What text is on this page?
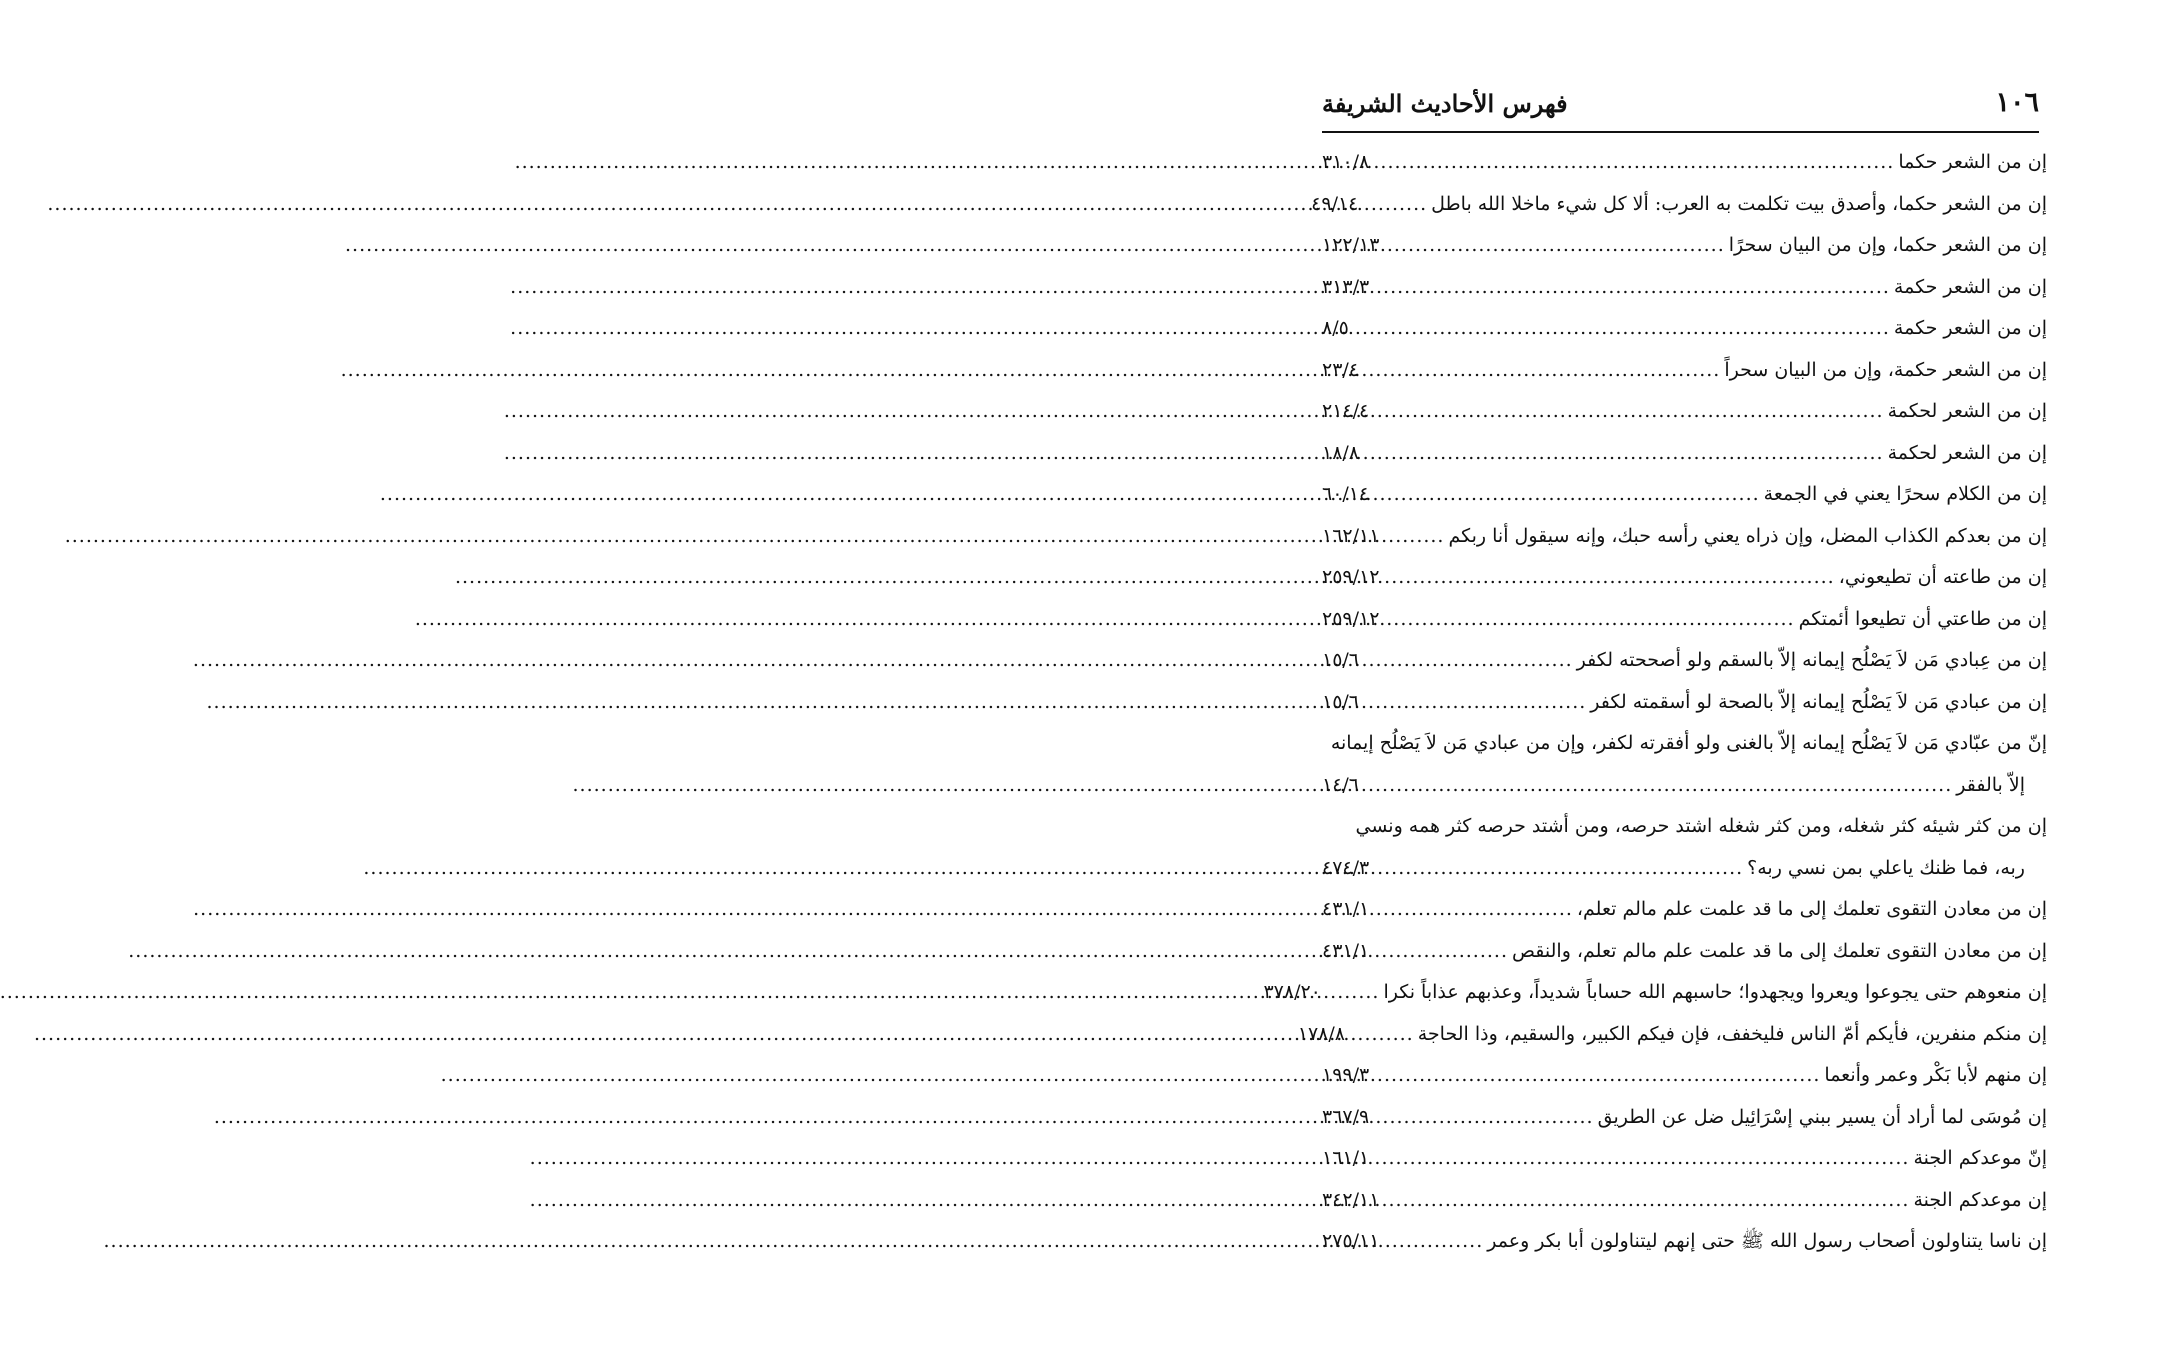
١٠٦
فهرس الأحاديث الشريفة
إن من الشعر حكما
.....
٣١٠/٨
إن من الشعر حكما، وأصدق بيت تكلمت به العرب: ألا كل شيء ماخلا الله باطل
.....
٤٩/١٤
إن من الشعر حكما، وإن من البيان سحرًا
.....
١٢٢/١٣
إن من الشعر حكمة
.....
٣١٣/٣
إن من الشعر حكمة
.....
٨/٥
إن من الشعر حكمة، وإن من البيان سحراً
.....
٢٣/٤
إن من الشعر لحكمة
.....
٢١٤/٤
إن من الشعر لحكمة
.....
١٨/٨
إن من الكلام سحرًا يعني في الجمعة
.....
٦٠/١٤
إن من بعدكم الكذاب المضل، وإن ذراه يعني رأسه حبك، وإنه سيقول أنا ربكم
.....
١٦٢/١١
إن من طاعته أن تطيعوني،
.....
٢٥٩/١٢
إن من طاعتي أن تطيعوا أئمتكم
.....
٢٥٩/١٢
إن من عِبادي مَن لاَ يَصْلُح إيمانه إلاّ بالسقم ولو أصححته لكفر
.....
١٥/٦
إن من عبادي مَن لاَ يَصْلُح إيمانه إلاّ بالصحة لو أسقمته لكفر
.....
١٥/٦
إنّ من عبّادي مَن لاَ يَصْلُح إيمانه إلاّ بالغنى ولو أفقرته لكفر، وإن من عبادي مَن لاَ يَصْلُح إيمانه
إلاّ بالفقر
.....
١٤/٦
إن من كثر شيئه كثر شغله، ومن كثر شغله اشتد حرصه، ومن أشتد حرصه كثر همه ونسي
ربه، فما ظنك ياعلي بمن نسي ربه؟
.....
٤٧٤/٣
إن من معادن التقوى تعلمك إلى ما قد علمت علم مالم تعلم،
.....
٤٣١/١
إن من معادن التقوى تعلمك إلى ما قد علمت علم مالم تعلم، والنقص
.....
٤٣١/١
إن منعوهم حتى يجوعوا ويعروا ويجهدوا؛ حاسبهم الله حساباً شديداً، وعذبهم عذاباً نكرا
.....
٣٧٨/٢٠
إن منكم منفرين، فأيكم أمّ الناس فليخفف، فإن فيكم الكبير، والسقيم، وذا الحاجة
.....
١٧٨/٨
إن منهم لأبا بَكْر وعمر وأنعما
.....
١٩٩/٣
إن مُوسَى لما أراد أن يسير ببني إسْرَائِيل ضل عن الطريق
.....
٣٦٧/٩
إنّ موعدكم الجنة
.....
١٦١/١
إن موعدكم الجنة
.....
٣٤٢/١١
إن ناسا يتناولون أصحاب رسول الله ﷺ حتى إنهم ليتناولون أبا بكر وعمر
.....
٢٧٥/١١
